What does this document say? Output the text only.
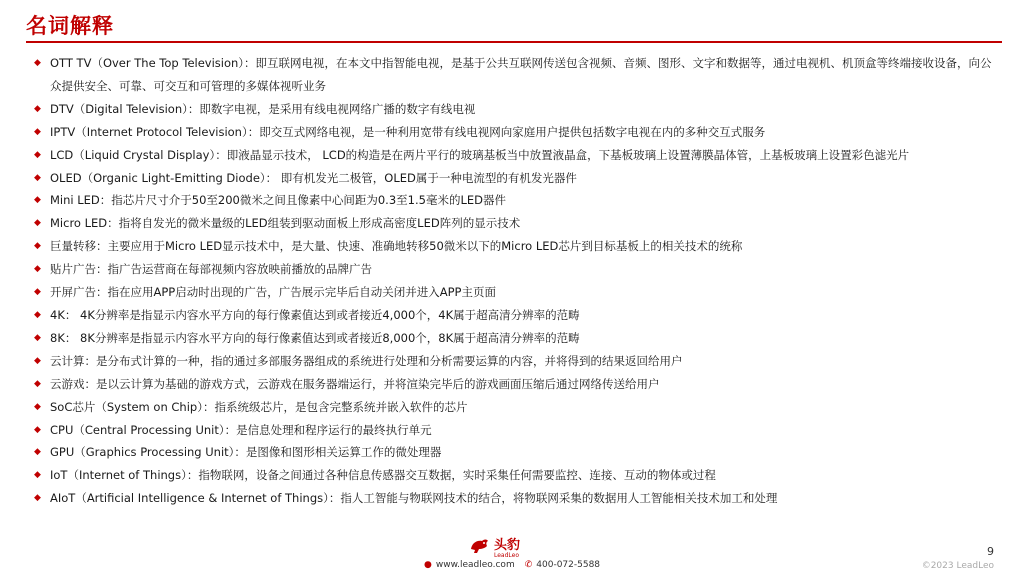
名词解释
◆ OTT TV（Over The Top Television）：即互联网电视，在本文中指智能电视，是基于公共互联网传送包含视频、音频、图形、文字和数据等，通过电视机、机顶盒等终端接收设备，向公众提供安全、可靠、可交互和可管理的多媒体视听业务
◆ DTV（Digital Television）：即数字电视，是采用有线电视网络广播的数字有线电视
◆ IPTV（Internet Protocol Television）：即交互式网络电视，是一种利用宽带有线电视网向家庭用户提供包括数字电视在内的多种交互式服务
◆ LCD（Liquid Crystal Display）：即液晶显示技术， LCD的构造是在两片平行的玻璃基板当中放置液晶盒，下基板玻璃上设置薄膜晶体管，上基板玻璃上设置彩色滤光片
◆ OLED（Organic Light-Emitting Diode）： 即有机发光二极管，OLED属于一种电流型的有机发光器件
◆ Mini LED：指芯片尺寸介于50至200微米之间且像素中心间距为0.3至1.5毫米的LED器件
◆ Micro LED：指将自发光的微米量级的LED组装到驱动面板上形成高密度LED阵列的显示技术
◆ 巨量转移：主要应用于Micro LED显示技术中，是大量、快速、准确地转移50微米以下的Micro LED芯片到目标基板上的相关技术的统称
◆ 贴片广告：指广告运营商在每部视频内容放映前播放的品牌广告
◆ 开屏广告：指在应用APP启动时出现的广告，广告展示完毕后自动关闭并进入APP主页面
◆ 4K： 4K分辨率是指显示内容水平方向的每行像素值达到或者接近4,000个，4K属于超高清分辨率的范畴
◆ 8K： 8K分辨率是指显示内容水平方向的每行像素值达到或者接近8,000个，8K属于超高清分辨率的范畴
◆ 云计算：是分布式计算的一种，指的通过多部服务器组成的系统进行处理和分析需要运算的内容，并将得到的结果返回给用户
◆ 云游戏：是以云计算为基础的游戏方式，云游戏在服务器端运行，并将渲染完毕后的游戏画面压缩后通过网络传送给用户
◆ SoC芯片（System on Chip）：指系统级芯片，是包含完整系统并嵌入软件的芯片
◆ CPU（Central Processing Unit）：是信息处理和程序运行的最终执行单元
◆ GPU（Graphics Processing Unit）：是图像和图形相关运算工作的微处理器
◆ IoT（Internet of Things）：指物联网，设备之间通过各种信息传感器交互数据，实时采集任何需要监控、连接、互动的物体或过程
◆ AIoT（Artificial Intelligence & Internet of Things）：指人工智能与物联网技术的结合，将物联网采集的数据用人工智能相关技术加工和处理
头豹
LeadLeo
● www.leadleo.com ✆ 400-072-5588
9
©2023 LeadLeo
